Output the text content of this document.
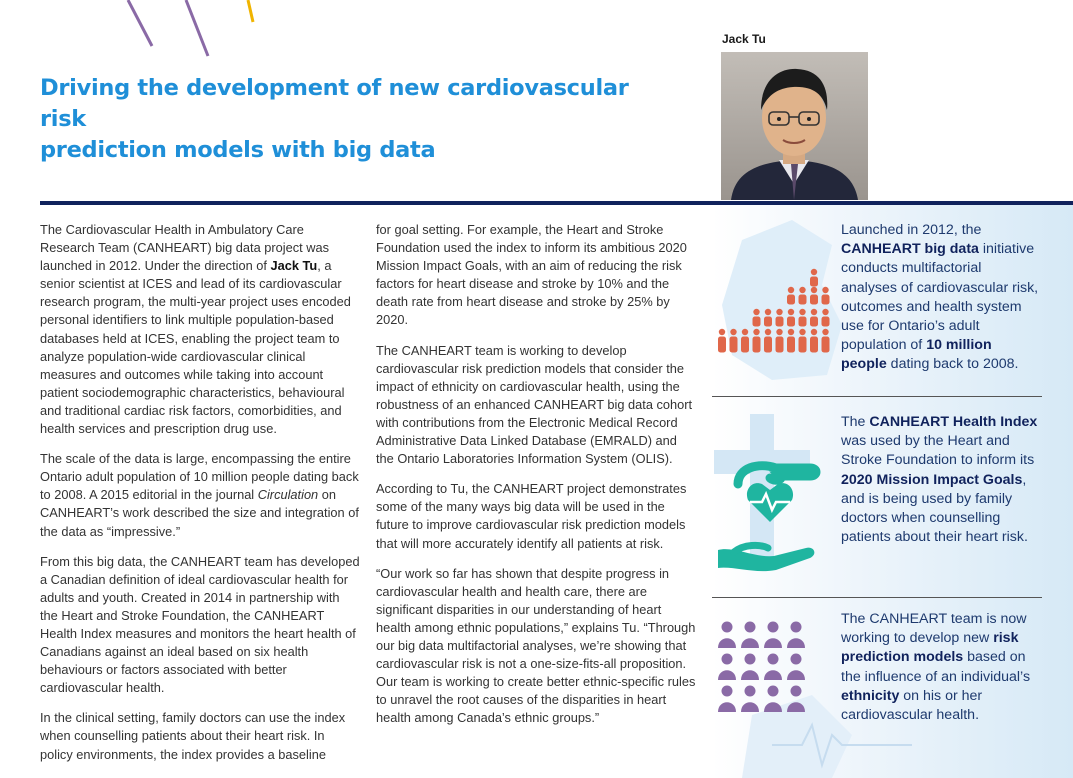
Driving the development of new cardiovascular risk
prediction models with big data
Jack Tu

The Cardiovascular Health in Ambulatory Care Research Team (CANHEART) big data project was launched in 2012. Under the direction of Jack Tu, a senior scientist at ICES and lead of its cardiovascular research program, the multi-year project uses encoded personal identifiers to link multiple population-based databases held at ICES, enabling the project team to analyze population-wide cardiovascular clinical measures and outcomes while taking into account patient sociodemographic characteristics, behavioural and traditional cardiac risk factors, comorbidities, and health services and prescription drug use.

The scale of the data is large, encompassing the entire Ontario adult population of 10 million people dating back to 2008. A 2015 editorial in the journal Circulation on CANHEART’s work described the size and integration of the data as “impressive.”

From this big data, the CANHEART team has developed a Canadian definition of ideal cardiovascular health for adults and youth. Created in 2014 in partnership with the Heart and Stroke Foundation, the CANHEART Health Index measures and monitors the heart health of Canadians against an ideal based on six health behaviours or factors associated with better cardiovascular health.

In the clinical setting, family doctors can use the index when counselling patients about their heart risk. In policy environments, the index provides a baseline

for goal setting. For example, the Heart and Stroke Foundation used the index to inform its ambitious 2020 Mission Impact Goals, with an aim of reducing the risk factors for heart disease and stroke by 10% and the death rate from heart disease and stroke by 25% by 2020.

The CANHEART team is working to develop cardiovascular risk prediction models that consider the impact of ethnicity on cardiovascular health, using the robustness of an enhanced CANHEART big data cohort with contributions from the Electronic Medical Record Administrative Data Linked Database (EMRALD) and the Ontario Laboratories Information System (OLIS).

According to Tu, the CANHEART project demonstrates some of the many ways big data will be used in the future to improve cardiovascular risk prediction models that will more accurately identify all patients at risk.

“Our work so far has shown that despite progress in cardiovascular health and health care, there are significant disparities in our understanding of heart health among ethnic populations,” explains Tu. “Through our big data multifactorial analyses, we’re showing that cardiovascular risk is not a one-size-fits-all proposition. Our team is working to create better ethnic-specific rules to unravel the root causes of the disparities in heart health among Canada’s ethnic groups.”

Launched in 2012, the CANHEART big data initiative conducts multifactorial analyses of cardiovascular risk, outcomes and health system use for Ontario’s adult population of 10 million people dating back to 2008.
The CANHEART Health Index was used by the Heart and Stroke Foundation to inform its 2020 Mission Impact Goals, and is being used by family doctors when counselling patients about their heart risk.
The CANHEART team is now working to develop new risk prediction models based on the influence of an individual’s ethnicity on his or her cardiovascular health.
